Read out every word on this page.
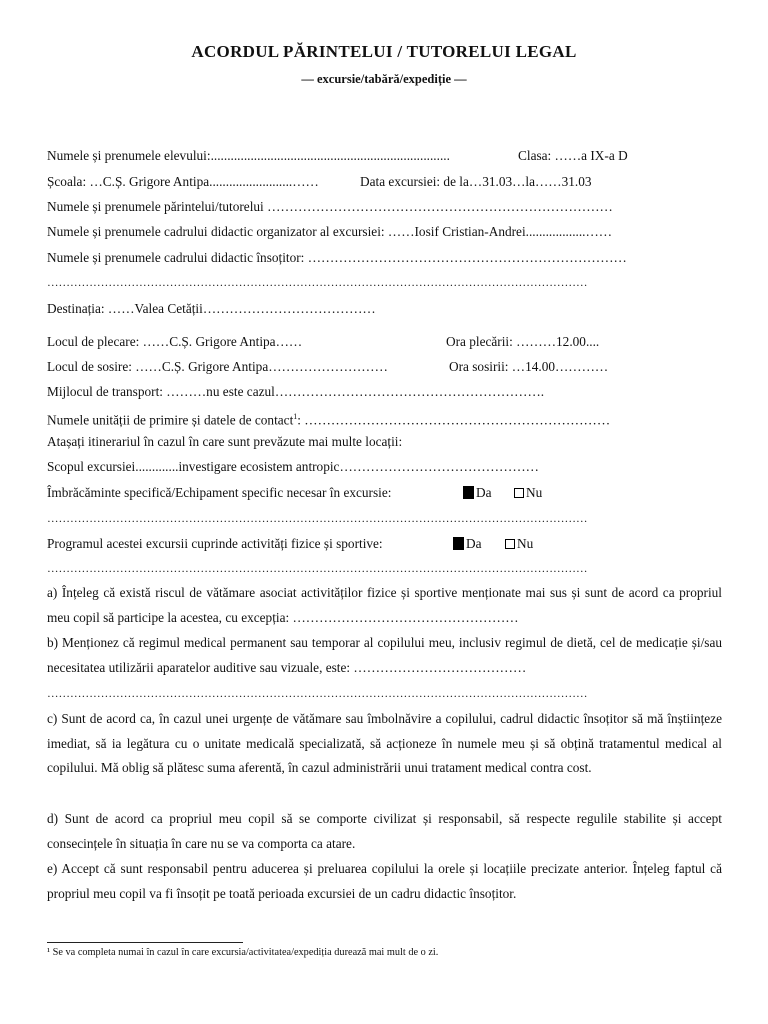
ACORDUL PĂRINTELUI / TUTORELUI LEGAL
— excursie/tabără/expediție —
Numele și prenumele elevului:........................................................................	Clasa: ……a IX-a D
Școala: …C.Ș. Grigore Antipa.........................……	Data excursiei: de la…31.03…la……31.03
Numele și prenumele părintelui/tutorelui ……………………………………………………………………
Numele și prenumele cadrului didactic organizator al excursiei: ……Iosif Cristian-Andrei..................……
Numele și prenumele cadrului didactic însoțitor: ………………………………………………………………
……………………………………………………………………………………………………………………………
Destinația: ……Valea Cetății…………………………………
Locul de plecare: ……C.Ș. Grigore Antipa……	Ora plecării: ………12.00....
Locul de sosire: ……C.Ș. Grigore Antipa………………………	Ora sosirii: …14.00…………
Mijlocul de transport: ………nu este cazul…………………………………………………….
Numele unității de primire și datele de contact$^1$: ……………………………………………………………
Atașați itinerariul în cazul în care sunt prevăzute mai multe locații:
Scopul excursiei.............investigare ecosistem antropic………………………………………
Îmbrăcăminte specifică/Echipament specific necesar în excursie:	Da	Nu
……………………………………………………………………………………………………………………………
Programul acestei excursii cuprinde activități fizice și sportive:	Da	Nu
……………………………………………………………………………………………………………………………
a) Înțeleg că există riscul de vătămare asociat activităților fizice și sportive menționate mai sus și sunt de acord ca propriul meu copil să participe la acestea, cu excepția: ……………………………………………
b) Menționez că regimul medical permanent sau temporar al copilului meu, inclusiv regimul de dietă, cel de medicație și/sau necesitatea utilizării aparatelor auditive sau vizuale, este: …………………………………
……………………………………………………………………………………………………………………………
c) Sunt de acord ca, în cazul unei urgențe de vătămare sau îmbolnăvire a copilului, cadrul didactic însoțitor să mă înștiințeze imediat, să ia legătura cu o unitate medicală specializată, să acționeze în numele meu și să obțină tratamentul medical al copilului. Mă oblig să plătesc suma aferentă, în cazul administrării unui tratament medical contra cost.
d) Sunt de acord ca propriul meu copil să se comporte civilizat și responsabil, să respecte regulile stabilite și accept consecințele în situația în care nu se va comporta ca atare.
e) Accept că sunt responsabil pentru aducerea și preluarea copilului la orele și locațiile precizate anterior. Înțeleg faptul că propriul meu copil va fi însoțit pe toată perioada excursiei de un cadru didactic însoțitor.
¹ Se va completa numai în cazul în care excursia/activitatea/expediția durează mai mult de o zi.
